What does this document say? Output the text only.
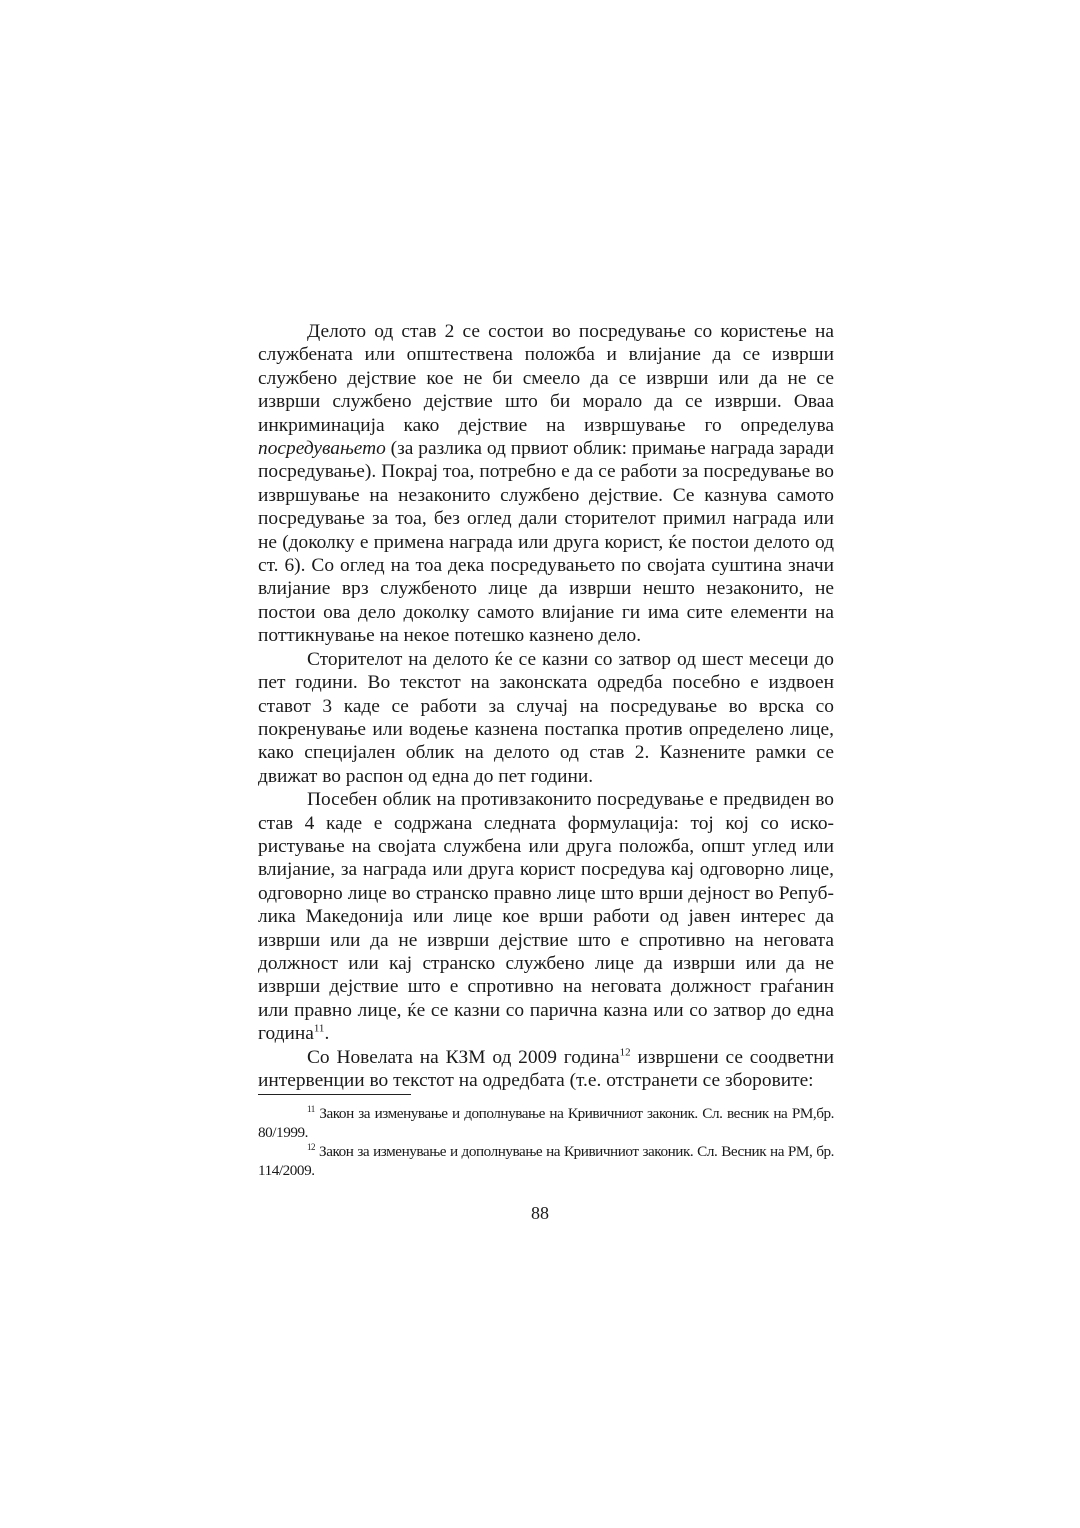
Делото од став 2 се состои во посредување со користење на службената или општествена положба и влијание да се изврши службено дејствие кое не би смеело да се изврши или да не се изврши службено дејствие што би морало да се изврши. Оваа инкриминација како дејствие на извршување го определува посредувањето (за разлика од првиот облик: примање награда заради посредување). Покрај тоа, потребно е да се работи за посредување во извршување на незаконито службено дејствие. Се казнува самото посредување за тоа, без оглед дали сторителот примил награда или не (доколку е примена награда или друга корист, ќе постои делото од ст. 6). Со оглед на тоа дека посредувањето по својата суштина значи влијание врз службеното лице да изврши нешто незаконито, не постои ова дело доколку самото влијание ги има сите елементи на поттикнување на некое потешко казнено дело.

Сторителот на делото ќе се казни со затвор од шест месеци до пет години. Во текстот на законската одредба посебно е издвоен ставот 3 каде се работи за случај на посредување во врска со покренување или водење казнена постапка против определено лице, како специјален облик на делото од став 2. Казнените рамки се движат во распон од една до пет години.

Посебен облик на противзаконито посредување е предвиден во став 4 каде е содржана следната формулација: тој кој со искористување на својата службена или друга положба, општ углед или влијание, за награда или друга корист посредува кај одговорно лице, одговорно лице во странско правно лице што врши дејност во Република Македонија или лице кое врши работи од јавен интерес да изврши или да не изврши дејствие што е спротивно на неговата должност или кај странско службено лице да изврши или да не изврши дејствие што е спротивно на неговата должност граѓанин или правно лице, ќе се казни со парична казна или со затвор до една година$^{11}$.

Со Новелата на КЗМ од 2009 година$^{12}$ извршени се соодветни интервенции во текстот на одредбата (т.е. отстранети се зборовите:

$^{11}$ Закон за изменување и дополнување на Кривичниот законик. Сл. весник на РМ,бр. 80/1999.

$^{12}$ Закон за изменување и дополнување на Кривичниот законик. Сл. Весник на РМ, бр. 114/2009.

88
